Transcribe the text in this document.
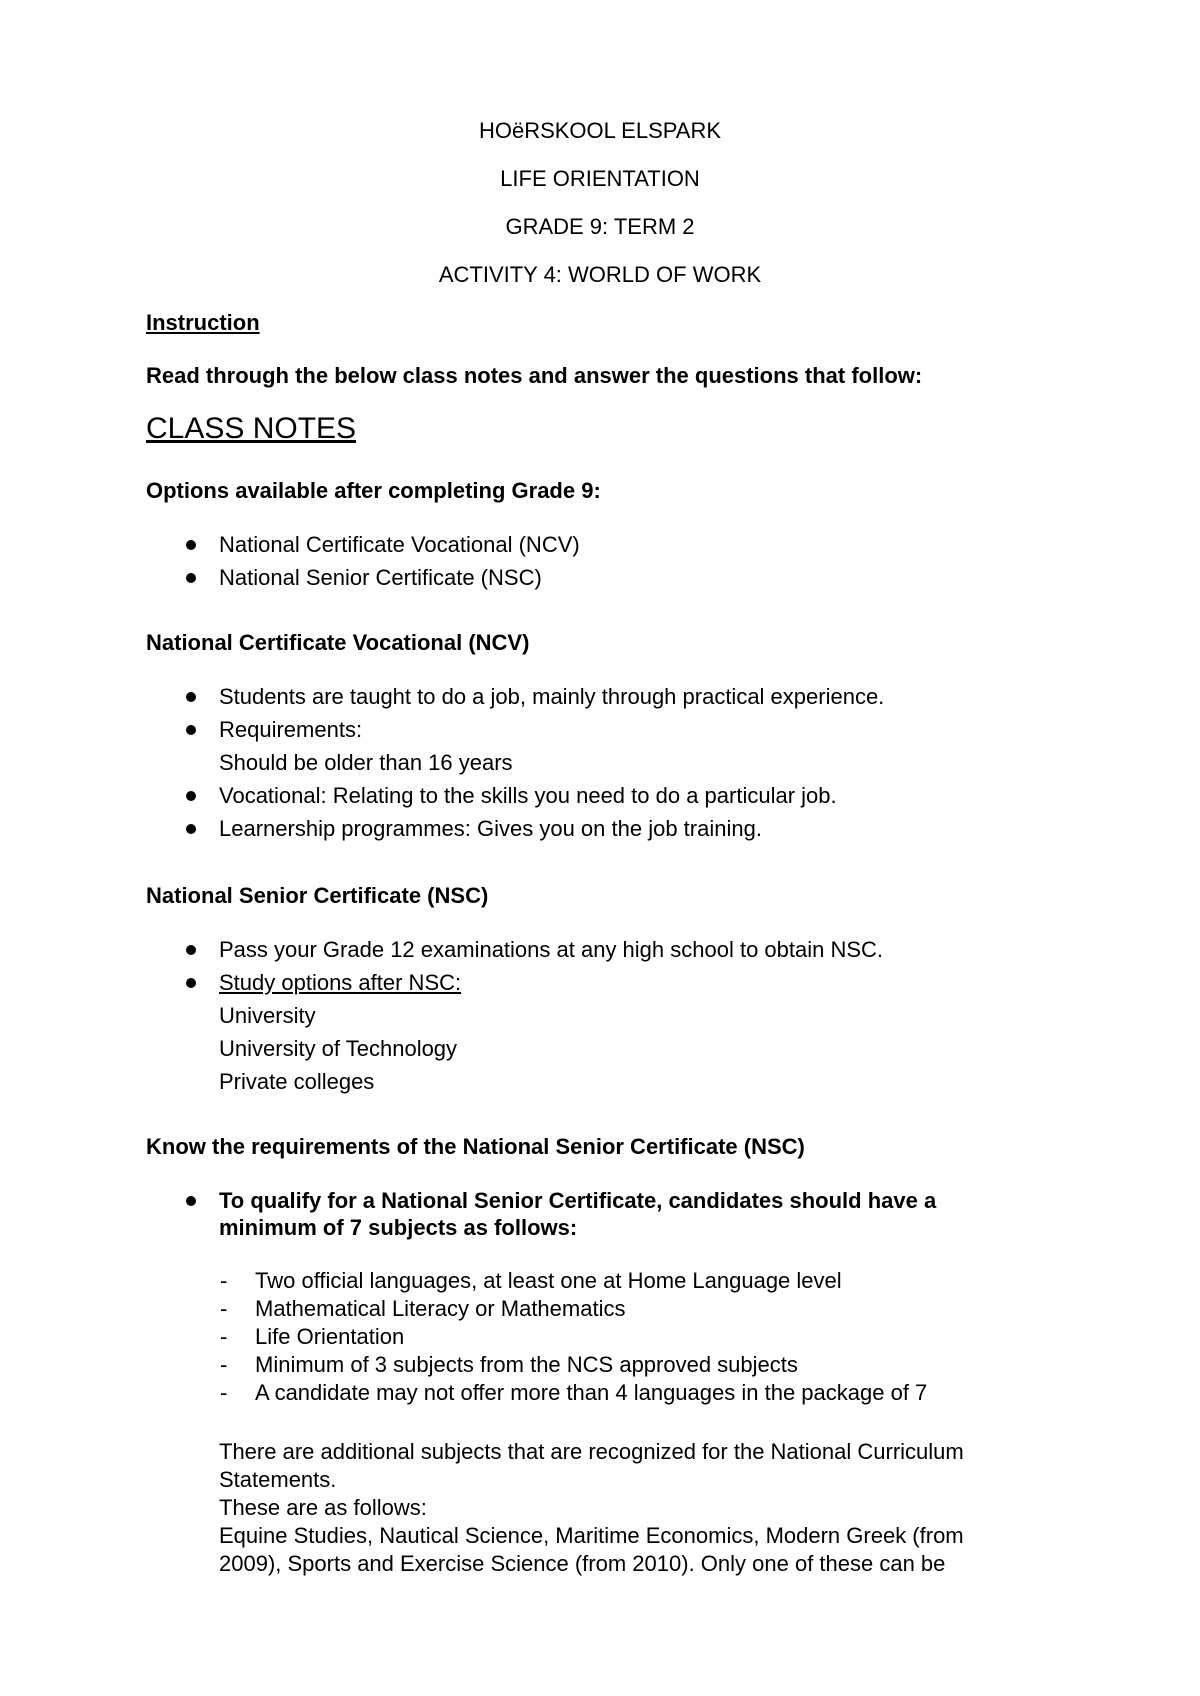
HOëRSKOOL ELSPARK
LIFE ORIENTATION
GRADE 9: TERM 2
ACTIVITY 4: WORLD OF WORK
Instruction
Read through the below class notes and answer the questions that follow:
CLASS NOTES
Options available after completing Grade 9:
National Certificate Vocational (NCV)
National Senior Certificate (NSC)
National Certificate Vocational (NCV)
Students are taught to do a job, mainly through practical experience.
Requirements:
Should be older than 16 years
Vocational: Relating to the skills you need to do a particular job.
Learnership programmes: Gives you on the job training.
National Senior Certificate (NSC)
Pass your Grade 12 examinations at any high school to obtain NSC.
Study options after NSC:
University
University of Technology
Private colleges
Know the requirements of the National Senior Certificate (NSC)
To qualify for a National Senior Certificate, candidates should have a
minimum of 7 subjects as follows:
- Two official languages, at least one at Home Language level
- Mathematical Literacy or Mathematics
- Life Orientation
- Minimum of 3 subjects from the NCS approved subjects
- A candidate may not offer more than 4 languages in the package of 7
There are additional subjects that are recognized for the National Curriculum
Statements.
These are as follows:
Equine Studies, Nautical Science, Maritime Economics, Modern Greek (from
2009), Sports and Exercise Science (from 2010). Only one of these can be
